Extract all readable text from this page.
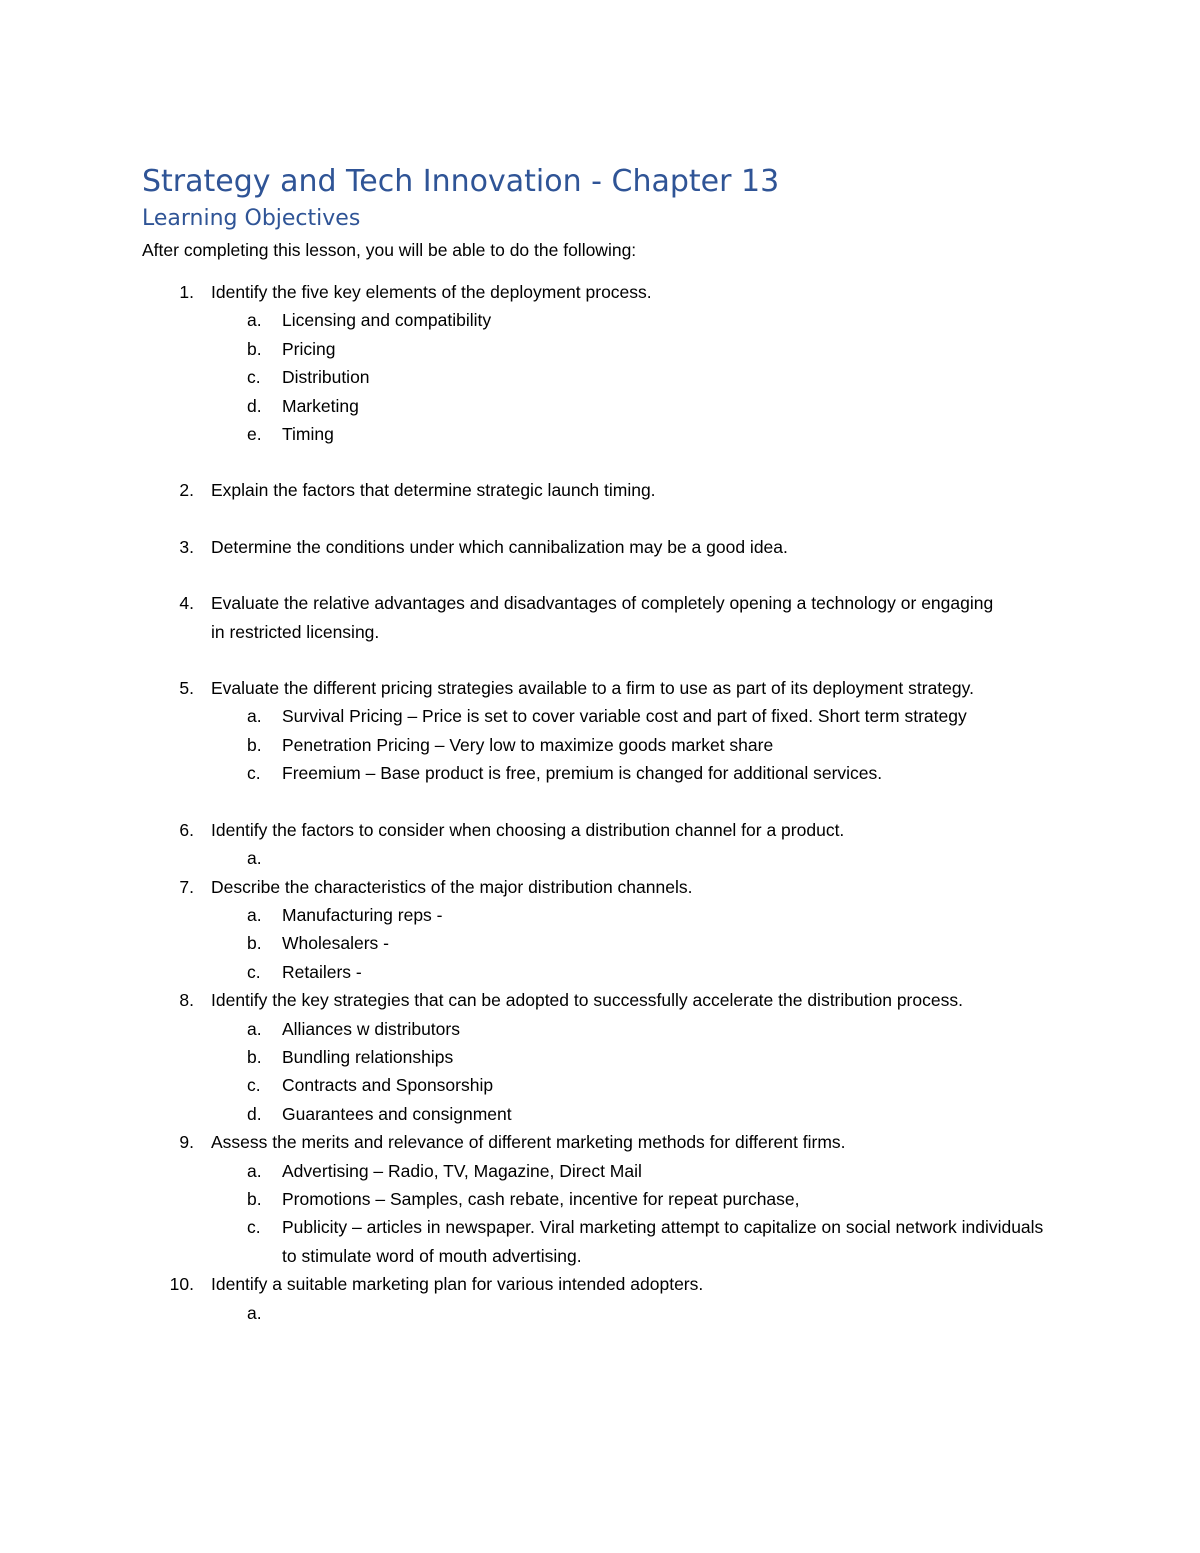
Strategy and Tech Innovation - Chapter 13
Learning Objectives

After completing this lesson, you will be able to do the following:

1. Identify the five key elements of the deployment process.
a.	Licensing and compatibility
b.	Pricing
c.	Distribution
d.	Marketing
e.	Timing
2. Explain the factors that determine strategic launch timing.
3. Determine the conditions under which cannibalization may be a good idea.
4. Evaluate the relative advantages and disadvantages of completely opening a technology or engaging in restricted licensing.
5. Evaluate the different pricing strategies available to a firm to use as part of its deployment strategy.
a.	Survival Pricing – Price is set to cover variable cost and part of fixed. Short term strategy
b.	Penetration Pricing – Very low to maximize goods market share
c.	Freemium – Base product is free, premium is changed for additional services.
6. Identify the factors to consider when choosing a distribution channel for a product.
a.

7. Describe the characteristics of the major distribution channels.
a.	Manufacturing reps -
b.	Wholesalers -
c.	Retailers -
8. Identify the key strategies that can be adopted to successfully accelerate the distribution process.
a.	Alliances w distributors
b.	Bundling relationships
c.	Contracts and Sponsorship
d.	Guarantees and consignment
9. Assess the merits and relevance of different marketing methods for different firms.
a.	Advertising – Radio, TV, Magazine, Direct Mail
b.	Promotions – Samples, cash rebate, incentive for repeat purchase,
c.	Publicity – articles in newspaper. Viral marketing attempt to capitalize on social network individuals to stimulate word of mouth advertising.
10. Identify a suitable marketing plan for various intended adopters.
a.
